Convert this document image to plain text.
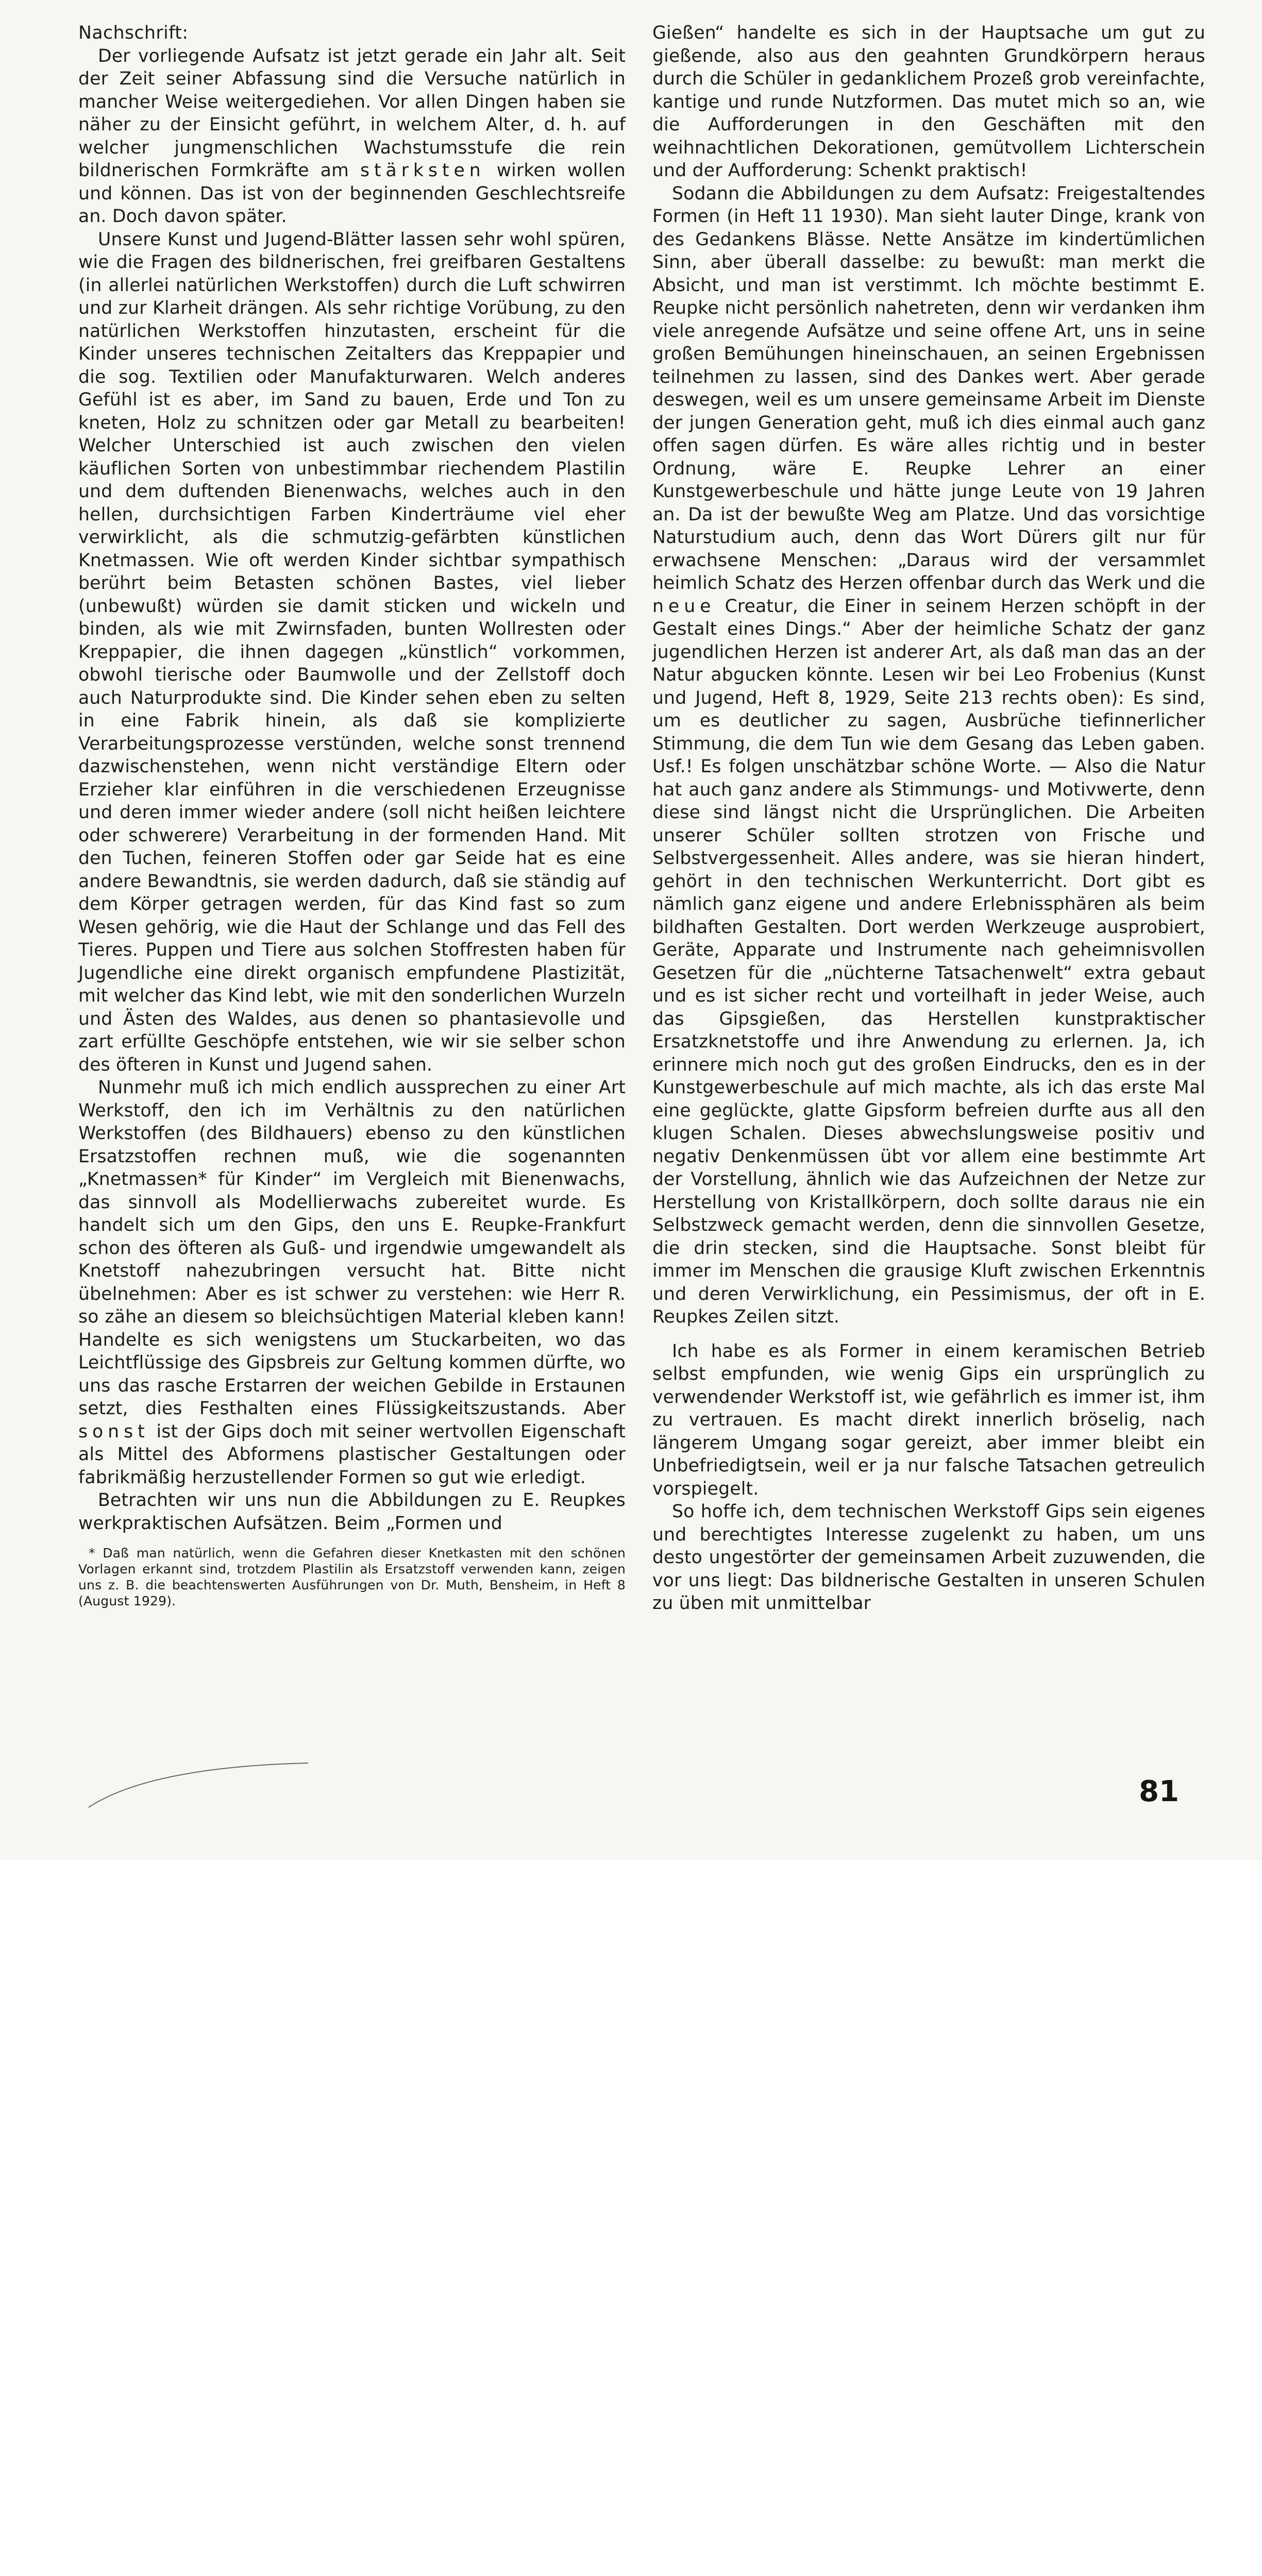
Nachschrift:

Der vorliegende Aufsatz ist jetzt gerade ein Jahr alt. Seit der Zeit seiner Abfassung sind die Versuche natürlich in mancher Weise weitergediehen. Vor allen Dingen haben sie näher zu der Einsicht geführt, in welchem Alter, d. h. auf welcher jungmenschlichen Wachstumsstufe die rein bildnerischen Formkräfte am stärksten wirken wollen und können. Das ist von der beginnenden Geschlechtsreife an. Doch davon später.

Unsere Kunst und Jugend-Blätter lassen sehr wohl spüren, wie die Fragen des bildnerischen, frei greifbaren Gestaltens (in allerlei natürlichen Werkstoffen) durch die Luft schwirren und zur Klarheit drängen. Als sehr richtige Vorübung, zu den natürlichen Werkstoffen hinzutasten, erscheint für die Kinder unseres technischen Zeitalters das Kreppapier und die sog. Textilien oder Manufakturwaren. Welch anderes Gefühl ist es aber, im Sand zu bauen, Erde und Ton zu kneten, Holz zu schnitzen oder gar Metall zu bearbeiten! Welcher Unterschied ist auch zwischen den vielen käuflichen Sorten von unbestimmbar riechendem Plastilin und dem duftenden Bienenwachs, welches auch in den hellen, durchsichtigen Farben Kinderträume viel eher verwirklicht, als die schmutzig-gefärbten künstlichen Knetmassen. Wie oft werden Kinder sichtbar sympathisch berührt beim Betasten schönen Bastes, viel lieber (unbewußt) würden sie damit sticken und wickeln und binden, als wie mit Zwirnsfaden, bunten Wollresten oder Kreppapier, die ihnen dagegen „künstlich“ vorkommen, obwohl tierische oder Baumwolle und der Zellstoff doch auch Naturprodukte sind. Die Kinder sehen eben zu selten in eine Fabrik hinein, als daß sie komplizierte Verarbeitungsprozesse verstünden, welche sonst trennend dazwischenstehen, wenn nicht verständige Eltern oder Erzieher klar einführen in die verschiedenen Erzeugnisse und deren immer wieder andere (soll nicht heißen leichtere oder schwerere) Verarbeitung in der formenden Hand. Mit den Tuchen, feineren Stoffen oder gar Seide hat es eine andere Bewandtnis, sie werden dadurch, daß sie ständig auf dem Körper getragen werden, für das Kind fast so zum Wesen gehörig, wie die Haut der Schlange und das Fell des Tieres. Puppen und Tiere aus solchen Stoffresten haben für Jugendliche eine direkt organisch empfundene Plastizität, mit welcher das Kind lebt, wie mit den sonderlichen Wurzeln und Ästen des Waldes, aus denen so phantasievolle und zart erfüllte Geschöpfe entstehen, wie wir sie selber schon des öfteren in Kunst und Jugend sahen.

Nunmehr muß ich mich endlich aussprechen zu einer Art Werkstoff, den ich im Verhältnis zu den natürlichen Werkstoffen (des Bildhauers) ebenso zu den künstlichen Ersatzstoffen rechnen muß, wie die sogenannten „Knetmassen* für Kinder“ im Vergleich mit Bienenwachs, das sinnvoll als Modellierwachs zubereitet wurde. Es handelt sich um den Gips, den uns E. Reupke-Frankfurt schon des öfteren als Guß- und irgendwie umgewandelt als Knetstoff nahezubringen versucht hat. Bitte nicht übelnehmen: Aber es ist schwer zu verstehen: wie Herr R. so zähe an diesem so bleichsüchtigen Material kleben kann! Handelte es sich wenigstens um Stuckarbeiten, wo das Leichtflüssige des Gipsbreis zur Geltung kommen dürfte, wo uns das rasche Erstarren der weichen Gebilde in Erstaunen setzt, dies Festhalten eines Flüssigkeitszustands. Aber sonst ist der Gips doch mit seiner wertvollen Eigenschaft als Mittel des Abformens plastischer Gestaltungen oder fabrikmäßig herzustellender Formen so gut wie erledigt.

Betrachten wir uns nun die Abbildungen zu E. Reupkes werkpraktischen Aufsätzen. Beim „Formen und

* Daß man natürlich, wenn die Gefahren dieser Knetkasten mit den schönen Vorlagen erkannt sind, trotzdem Plastilin als Ersatzstoff verwenden kann, zeigen uns z. B. die beachtenswerten Ausführungen von Dr. Muth, Bensheim, in Heft 8 (August 1929).

Gießen“ handelte es sich in der Hauptsache um gut zu gießende, also aus den geahnten Grundkörpern heraus durch die Schüler in gedanklichem Prozeß grob vereinfachte, kantige und runde Nutzformen. Das mutet mich so an, wie die Aufforderungen in den Geschäften mit den weihnachtlichen Dekorationen, gemütvollem Lichterschein und der Aufforderung: Schenkt praktisch!

Sodann die Abbildungen zu dem Aufsatz: Freigestaltendes Formen (in Heft 11 1930). Man sieht lauter Dinge, krank von des Gedankens Blässe. Nette Ansätze im kindertümlichen Sinn, aber überall dasselbe: zu bewußt: man merkt die Absicht, und man ist verstimmt. Ich möchte bestimmt E. Reupke nicht persönlich nahetreten, denn wir verdanken ihm viele anregende Aufsätze und seine offene Art, uns in seine großen Bemühungen hineinschauen, an seinen Ergebnissen teilnehmen zu lassen, sind des Dankes wert. Aber gerade deswegen, weil es um unsere gemeinsame Arbeit im Dienste der jungen Generation geht, muß ich dies einmal auch ganz offen sagen dürfen. Es wäre alles richtig und in bester Ordnung, wäre E. Reupke Lehrer an einer Kunstgewerbeschule und hätte junge Leute von 19 Jahren an. Da ist der bewußte Weg am Platze. Und das vorsichtige Naturstudium auch, denn das Wort Dürers gilt nur für erwachsene Menschen: „Daraus wird der versammlet heimlich Schatz des Herzen offenbar durch das Werk und die neue Creatur, die Einer in seinem Herzen schöpft in der Gestalt eines Dings.“ Aber der heimliche Schatz der ganz jugendlichen Herzen ist anderer Art, als daß man das an der Natur abgucken könnte. Lesen wir bei Leo Frobenius (Kunst und Jugend, Heft 8, 1929, Seite 213 rechts oben): Es sind, um es deutlicher zu sagen, Ausbrüche tiefinnerlicher Stimmung, die dem Tun wie dem Gesang das Leben gaben. Usf.! Es folgen unschätzbar schöne Worte. — Also die Natur hat auch ganz andere als Stimmungs- und Motivwerte, denn diese sind längst nicht die Ursprünglichen. Die Arbeiten unserer Schüler sollten strotzen von Frische und Selbstvergessenheit. Alles andere, was sie hieran hindert, gehört in den technischen Werkunterricht. Dort gibt es nämlich ganz eigene und andere Erlebnissphären als beim bildhaften Gestalten. Dort werden Werkzeuge ausprobiert, Geräte, Apparate und Instrumente nach geheimnisvollen Gesetzen für die „nüchterne Tatsachenwelt“ extra gebaut und es ist sicher recht und vorteilhaft in jeder Weise, auch das Gipsgießen, das Herstellen kunstpraktischer Ersatzknetstoffe und ihre Anwendung zu erlernen. Ja, ich erinnere mich noch gut des großen Eindrucks, den es in der Kunstgewerbeschule auf mich machte, als ich das erste Mal eine geglückte, glatte Gipsform befreien durfte aus all den klugen Schalen. Dieses abwechslungsweise positiv und negativ Denkenmüssen übt vor allem eine bestimmte Art der Vorstellung, ähnlich wie das Aufzeichnen der Netze zur Herstellung von Kristallkörpern, doch sollte daraus nie ein Selbstzweck gemacht werden, denn die sinnvollen Gesetze, die drin stecken, sind die Hauptsache. Sonst bleibt für immer im Menschen die grausige Kluft zwischen Erkenntnis und deren Verwirklichung, ein Pessimismus, der oft in E. Reupkes Zeilen sitzt.

Ich habe es als Former in einem keramischen Betrieb selbst empfunden, wie wenig Gips ein ursprünglich zu verwendender Werkstoff ist, wie gefährlich es immer ist, ihm zu vertrauen. Es macht direkt innerlich bröselig, nach längerem Umgang sogar gereizt, aber immer bleibt ein Unbefriedigtsein, weil er ja nur falsche Tatsachen getreulich vorspiegelt.

So hoffe ich, dem technischen Werkstoff Gips sein eigenes und berechtigtes Interesse zugelenkt zu haben, um uns desto ungestörter der gemeinsamen Arbeit zuzuwenden, die vor uns liegt: Das bildnerische Gestalten in unseren Schulen zu üben mit unmittelbar

81
